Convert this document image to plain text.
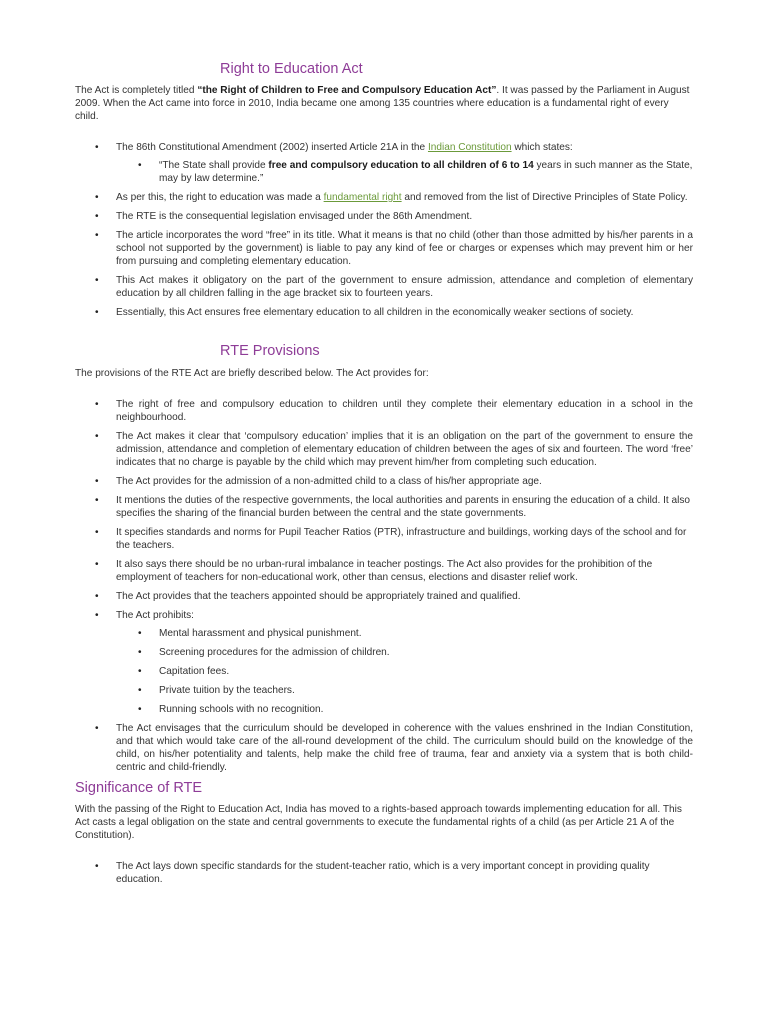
Right to Education Act

The Act is completely titled “the Right of Children to Free and Compulsory Education Act”. It was passed by the Parliament in August 2009. When the Act came into force in 2010, India became one among 135 countries where education is a fundamental right of every child.

• The 86th Constitutional Amendment (2002) inserted Article 21A in the Indian Constitution which states:
• “The State shall provide free and compulsory education to all children of 6 to 14 years in such manner as the State, may by law determine.”
• As per this, the right to education was made a fundamental right and removed from the list of Directive Principles of State Policy.
• The RTE is the consequential legislation envisaged under the 86th Amendment.
• The article incorporates the word “free” in its title. What it means is that no child (other than those admitted by his/her parents in a school not supported by the government) is liable to pay any kind of fee or charges or expenses which may prevent him or her from pursuing and completing elementary education.
• This Act makes it obligatory on the part of the government to ensure admission, attendance and completion of elementary education by all children falling in the age bracket six to fourteen years.
• Essentially, this Act ensures free elementary education to all children in the economically weaker sections of society.
RTE Provisions

The provisions of the RTE Act are briefly described below. The Act provides for:

• The right of free and compulsory education to children until they complete their elementary education in a school in the neighbourhood.
• The Act makes it clear that ‘compulsory education’ implies that it is an obligation on the part of the government to ensure the admission, attendance and completion of elementary education of children between the ages of six and fourteen. The word ‘free’ indicates that no charge is payable by the child which may prevent him/her from completing such education.
• The Act provides for the admission of a non-admitted child to a class of his/her appropriate age.
• It mentions the duties of the respective governments, the local authorities and parents in ensuring the education of a child. It also specifies the sharing of the financial burden between the central and the state governments.
• It specifies standards and norms for Pupil Teacher Ratios (PTR), infrastructure and buildings, working days of the school and for the teachers.
• It also says there should be no urban-rural imbalance in teacher postings. The Act also provides for the prohibition of the employment of teachers for non-educational work, other than census, elections and disaster relief work.
• The Act provides that the teachers appointed should be appropriately trained and qualified.
• The Act prohibits:
• Mental harassment and physical punishment.
• Screening procedures for the admission of children.
• Capitation fees.
• Private tuition by the teachers.
• Running schools with no recognition.
• The Act envisages that the curriculum should be developed in coherence with the values enshrined in the Indian Constitution, and that which would take care of the all-round development of the child. The curriculum should build on the knowledge of the child, on his/her potentiality and talents, help make the child free of trauma, fear and anxiety via a system that is both child-centric and child-friendly.
Significance of RTE

With the passing of the Right to Education Act, India has moved to a rights-based approach towards implementing education for all. This Act casts a legal obligation on the state and central governments to execute the fundamental rights of a child (as per Article 21 A of the Constitution).

• The Act lays down specific standards for the student-teacher ratio, which is a very important concept in providing quality education.
